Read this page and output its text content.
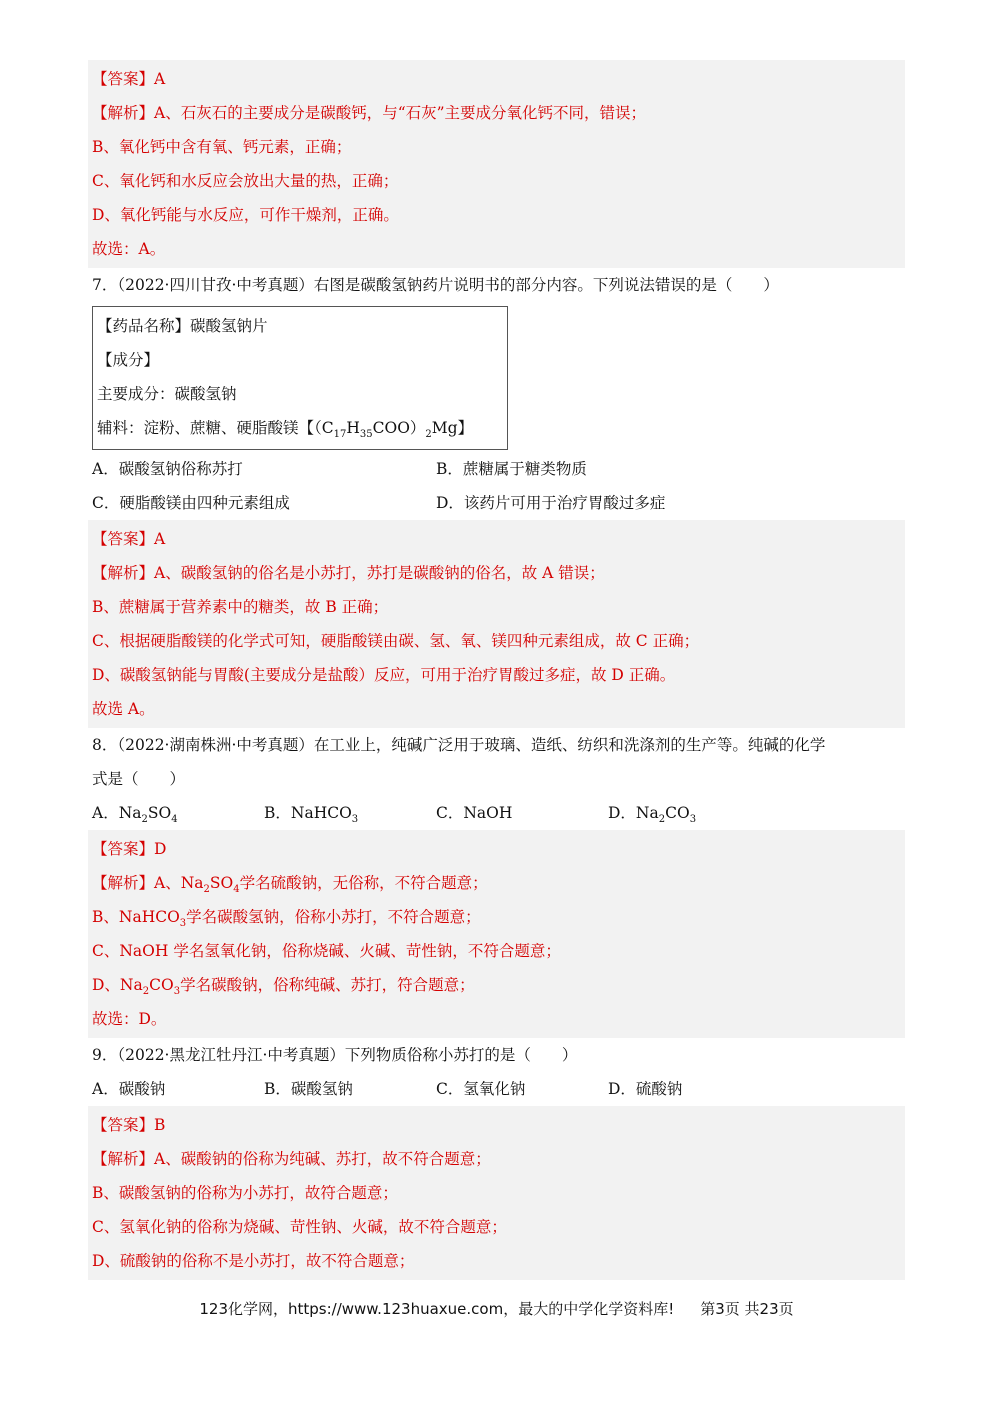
【答案】A
【解析】A、石灰石的主要成分是碳酸钙，与“石灰”主要成分氧化钙不同，错误；
B、氧化钙中含有氧、钙元素，正确；
C、氧化钙和水反应会放出大量的热，正确；
D、氧化钙能与水反应，可作干燥剂，正确。
故选：A。
7．（2022·四川甘孜·中考真题）右图是碳酸氢钠药片说明书的部分内容。下列说法错误的是（　　）
【药品名称】碳酸氢钠片
【成分】
主要成分：碳酸氢钠
辅料：淀粉、蔗糖、硬脂酸镁【$(C_{17}H_{35}COO)_2Mg$】
A．碳酸氢钠俗称苏打	B．蔗糖属于糖类物质
C．硬脂酸镁由四种元素组成	D．该药片可用于治疗胃酸过多症
【答案】A
【解析】A、碳酸氢钠的俗名是小苏打，苏打是碳酸钠的俗名，故 A 错误；
B、蔗糖属于营养素中的糖类，故 B 正确；
C、根据硬脂酸镁的化学式可知，硬脂酸镁由碳、氢、氧、镁四种元素组成，故 C 正确；
D、碳酸氢钠能与胃酸(主要成分是盐酸）反应，可用于治疗胃酸过多症，故 D 正确。
故选 A。
8．（2022·湖南株洲·中考真题）在工业上，纯碱广泛用于玻璃、造纸、纺织和洗涤剂的生产等。纯碱的化学
式是（　　）
A．$Na_2SO_4$	B．NaHCO$_3$	C．NaOH	D．$Na_2CO_3$
【答案】D
【解析】A、$Na_2SO_4$学名硫酸钠，无俗称，不符合题意；
B、NaHCO$_3$学名碳酸氢钠，俗称小苏打，不符合题意；
C、NaOH 学名氢氧化钠，俗称烧碱、火碱、苛性钠，不符合题意；
D、$Na_2CO_3$学名碳酸钠，俗称纯碱、苏打，符合题意；
故选：D。
9．（2022·黑龙江牡丹江·中考真题）下列物质俗称小苏打的是（　　）
A．碳酸钠	B．碳酸氢钠	C．氢氧化钠	D．硫酸钠
【答案】B
【解析】A、碳酸钠的俗称为纯碱、苏打，故不符合题意；
B、碳酸氢钠的俗称为小苏打，故符合题意；
C、氢氧化钠的俗称为烧碱、苛性钠、火碱，故不符合题意；
D、硫酸钠的俗称不是小苏打，故不符合题意；
123化学网，https://www.123huaxue.com，最大的中学化学资料库! 第3页 共23页
